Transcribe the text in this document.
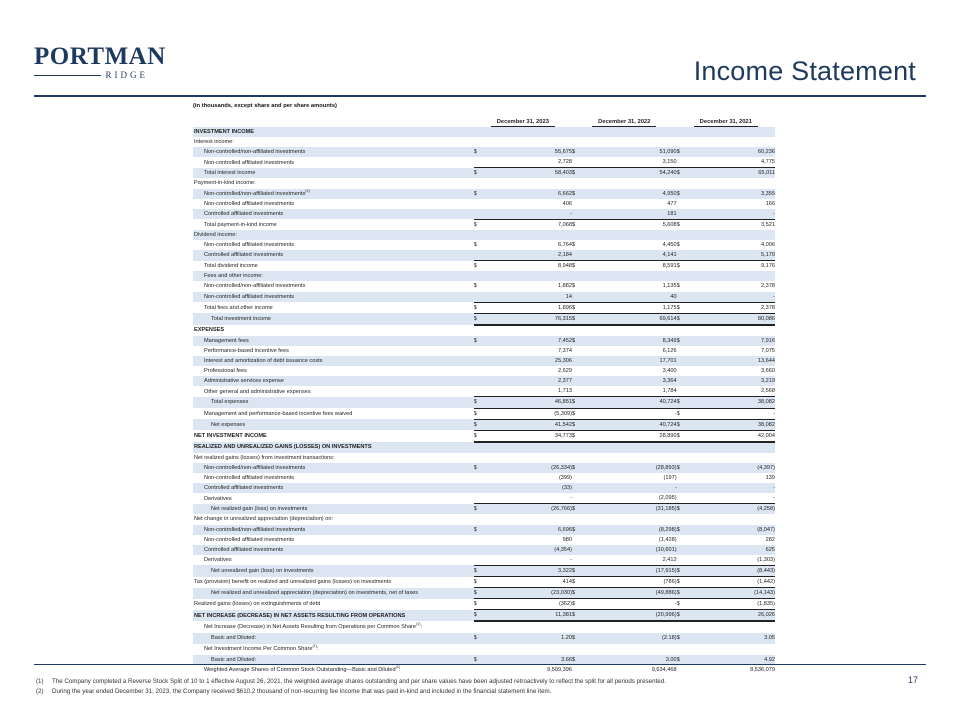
PORTMAN
RIDGE	Income Statement
(in thousands, except share and per share amounts)
	December 31, 2023		December 31, 2022		December 31, 2021	
INVESTMENT INCOME						
Interest income:						
Non-controlled/non-affiliated investments	$	55,675	$	51,090	$	60,236
Non-controlled affiliated investments		2,728		3,150		4,775
Total interest income	$	58,403	$	54,240	$	65,011
Payment-in-kind income:						
Non-controlled/non-affiliated investments$^{(2)}$	$	6,662	$	4,950	$	3,355
Non-controlled affiliated investments		406		477		166
Controlled affiliated investments		-		181		-
Total payment-in-kind income	$	7,068	$	5,608	$	3,521
Dividend income:						
Non-controlled affiliated investments	$	6,764	$	4,450	$	4,006
Controlled affiliated investments		2,184		4,141		5,170
Total dividend income	$	8,948	$	8,591	$	9,176
Fees and other income:						
Non-controlled/non-affiliated investments	$	1,882	$	1,135	$	2,378
Non-controlled affiliated investments		14		40		-
Total fees and other income	$	1,896	$	1,175	$	2,378
Total investment income	$	76,315	$	69,614	$	80,086
EXPENSES						
Management fees	$	7,452	$	8,349	$	7,916
Performance-based incentive fees		7,374		6,126		7,075
Interest and amortization of debt issuance costs		25,306		17,701		13,644
Professional fees		2,629		3,400		3,660
Administrative services expense		2,377		3,364		3,219
Other general and administrative expenses		1,713		1,784		2,568
Total expenses	$	46,851	$	40,724	$	38,082
Management and performance-based incentive fees waived	$	(5,309)	$	-	$	-
Net expenses	$	41,542	$	40,724	$	38,082
NET INVESTMENT INCOME	$	34,773	$	28,890	$	42,004
REALIZED AND UNREALIZED GAINS (LOSSES) ON INVESTMENTS						
Net realized gains (losses) from investment transactions:						
Non-controlled/non-affiliated investments	$	(26,334)	$	(28,893)	$	(4,397)
Non-controlled affiliated investments		(399)		(197)		139
Controlled affiliated investments		(33)		-		-
Derivatives		-		(2,095)		-
Net realized gain (loss) on investments	$	(26,766)	$	(31,185)	$	(4,258)
Net change in unrealized appreciation (depreciation) on:						
Non-controlled/non-affiliated investments	$	6,696	$	(8,298)	$	(8,047)
Non-controlled affiliated investments		980		(1,428)		282
Controlled affiliated investments		(4,354)		(10,601)		625
Derivatives		-		2,412		(1,303)
Net unrealized gain (loss) on investments	$	3,322	$	(17,915)	$	(8,443)
Tax (provision) benefit on realized and unrealized gains (losses) on investments	$	414	$	(786)	$	(1,442)
Net realized and unrealized appreciation (depreciation) on investments, net of taxes	$	(23,030)	$	(49,886)	$	(14,143)
Realized gains (losses) on extinguishments of debt	$	(362)	$	-	$	(1,835)
NET INCREASE (DECREASE) IN NET ASSETS RESULTING FROM OPERATIONS	$	11,381	$	(20,996)	$	26,026
Net Increase (Decrease) in Net Assets Resulting from Operations per Common Share$^{(1)}$:						
Basic and Diluted:	$	1.20	$	(2.18)	$	3.05
Net Investment Income Per Common Share$^{(1)}$:						
Basic and Diluted:	$	3.66	$	3.00	$	4.92
Weighted Average Shares of Common Stock Outstanding—Basic and Diluted$^{(1)}$		9,509,396		9,634,468		8,536,079
(1)	The Company completed a Reverse Stock Split of 10 to 1 effective August 26, 2021, the weighted average shares outstanding and per share values have been adjusted retroactively to reflect the split for all periods presented.
(2)	During the year ended December 31, 2023, the Company received $610.2 thousand of non-recurring fee income that was paid in-kind and included in the financial statement line item.
17
